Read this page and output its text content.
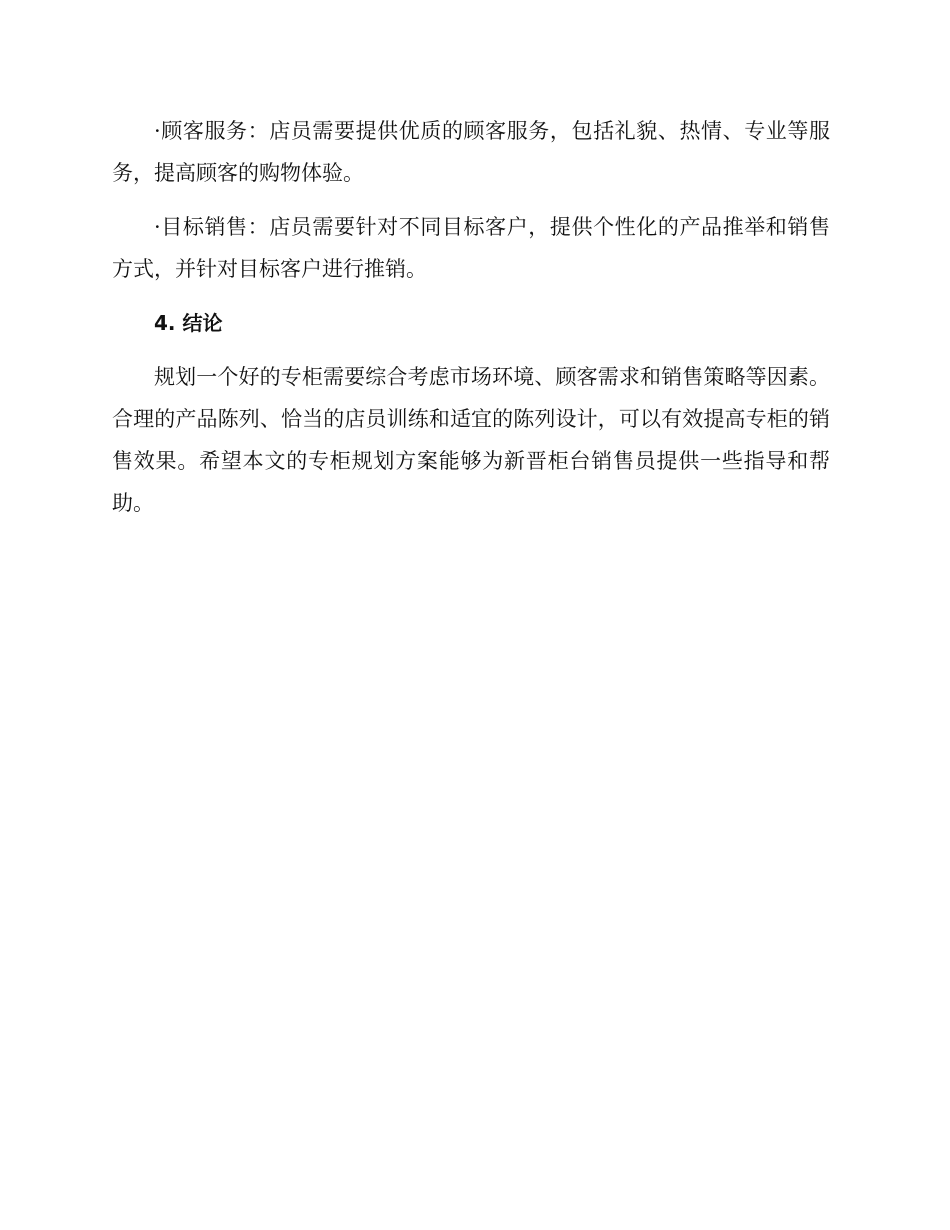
·顾客服务：店员需要提供优质的顾客服务，包括礼貌、热情、专业等服务，提高顾客的购物体验。

·目标销售：店员需要针对不同目标客户，提供个性化的产品推举和销售方式，并针对目标客户进行推销。

4. 结论

规划一个好的专柜需要综合考虑市场环境、顾客需求和销售策略等因素。合理的产品陈列、恰当的店员训练和适宜的陈列设计，可以有效提高专柜的销售效果。希望本文的专柜规划方案能够为新晋柜台销售员提供一些指导和帮助。
